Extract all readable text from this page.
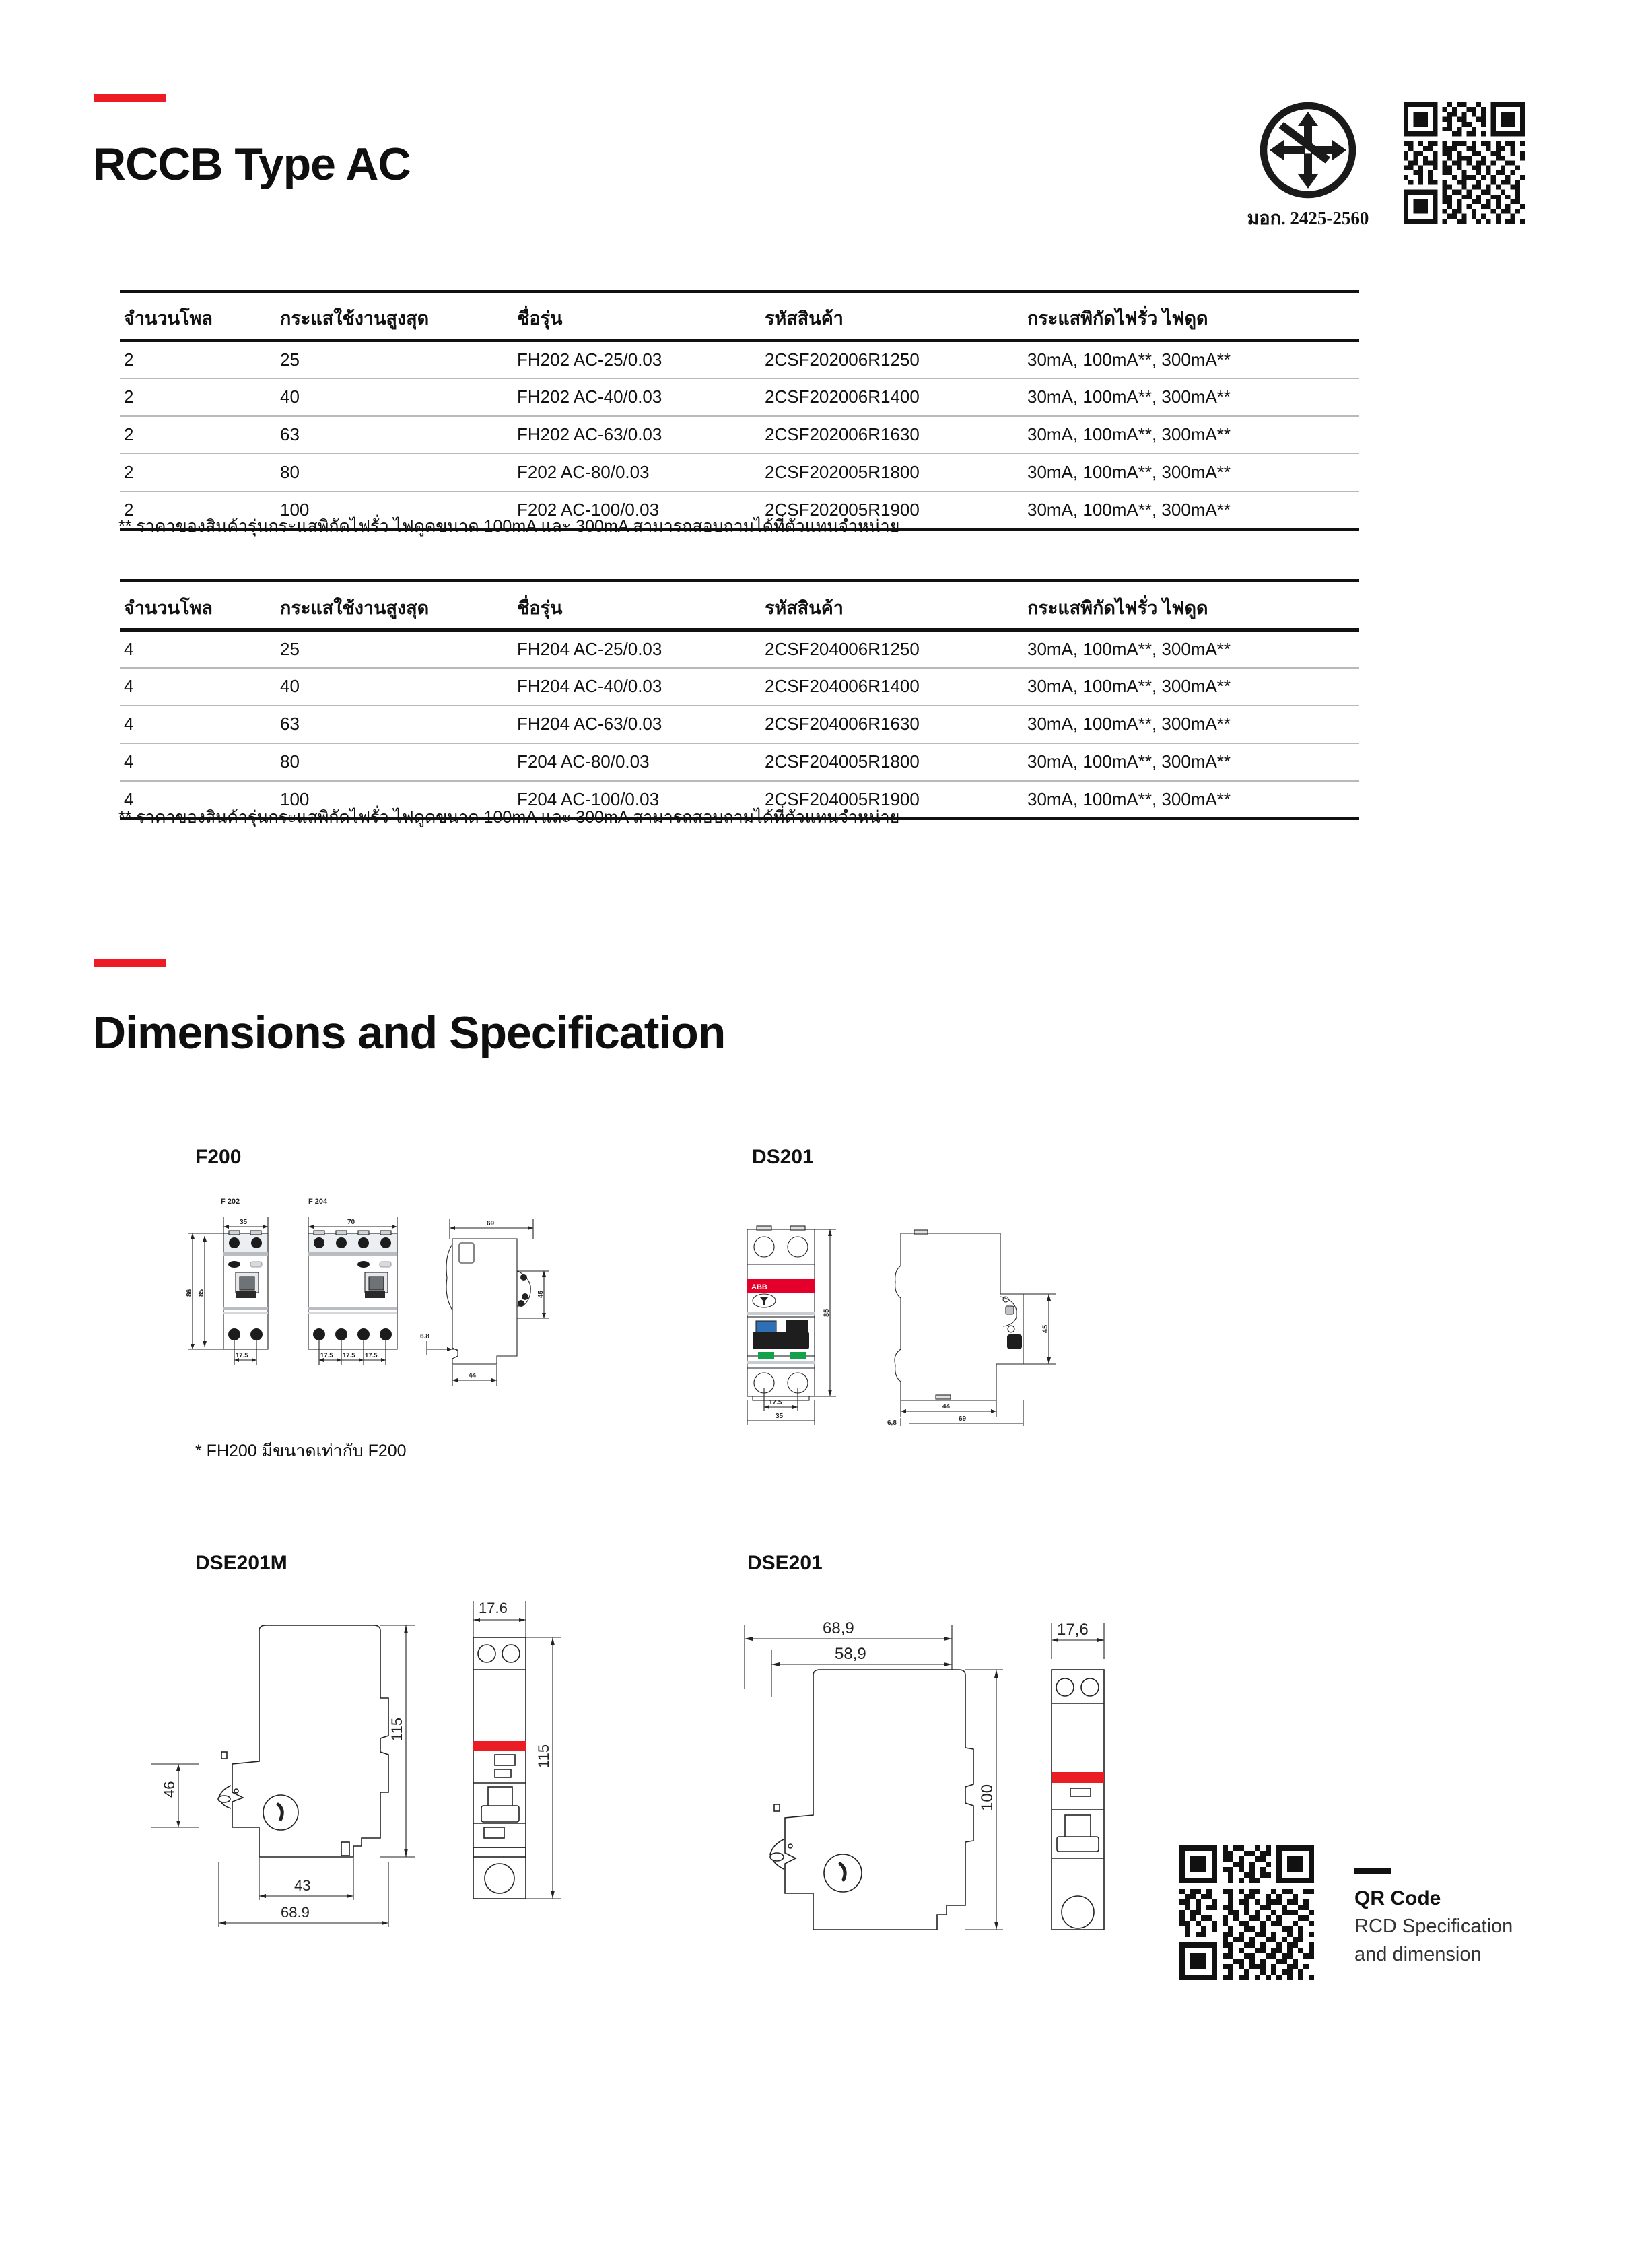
RCCB Type AC
มอก. 2425-2560
จำนวนโพล	กระแสใช้งานสูงสุด	ชื่อรุ่น	รหัสสินค้า	กระแสพิกัดไฟรั่ว ไฟดูด
2	25	FH202 AC-25/0.03	2CSF202006R1250	30mA, 100mA**, 300mA**
2	40	FH202 AC-40/0.03	2CSF202006R1400	30mA, 100mA**, 300mA**
2	63	FH202 AC-63/0.03	2CSF202006R1630	30mA, 100mA**, 300mA**
2	80	F202 AC-80/0.03	2CSF202005R1800	30mA, 100mA**, 300mA**
2	100	F202 AC-100/0.03	2CSF202005R1900	30mA, 100mA**, 300mA**
** ราคาของสินค้ารุ่นกระแสพิกัดไฟรั่ว ไฟดูดขนาด 100mA และ 300mA สามารถสอบถามได้ที่ตัวแทนจำหน่าย
จำนวนโพล	กระแสใช้งานสูงสุด	ชื่อรุ่น	รหัสสินค้า	กระแสพิกัดไฟรั่ว ไฟดูด
4	25	FH204 AC-25/0.03	2CSF204006R1250	30mA, 100mA**, 300mA**
4	40	FH204 AC-40/0.03	2CSF204006R1400	30mA, 100mA**, 300mA**
4	63	FH204 AC-63/0.03	2CSF204006R1630	30mA, 100mA**, 300mA**
4	80	F204 AC-80/0.03	2CSF204005R1800	30mA, 100mA**, 300mA**
4	100	F204 AC-100/0.03	2CSF204005R1900	30mA, 100mA**, 300mA**
** ราคาของสินค้ารุ่นกระแสพิกัดไฟรั่ว ไฟดูดขนาด 100mA และ 300mA สามารถสอบถามได้ที่ตัวแทนจำหน่าย
Dimensions and Specification
F200
F 202
35
86 85
17.5
F 204
70
17.5 17.5 17.5
69
6.8
44
45
* FH200 มีขนาดเท่ากับ F200
DS201
ABB
85
17.5
35
45
44
6,8
69
DSE201M
46
43
68.9
115
17.6
115
DSE201
68,9
58,9
100
17,6
QR Code
RCD Specification
and dimension
